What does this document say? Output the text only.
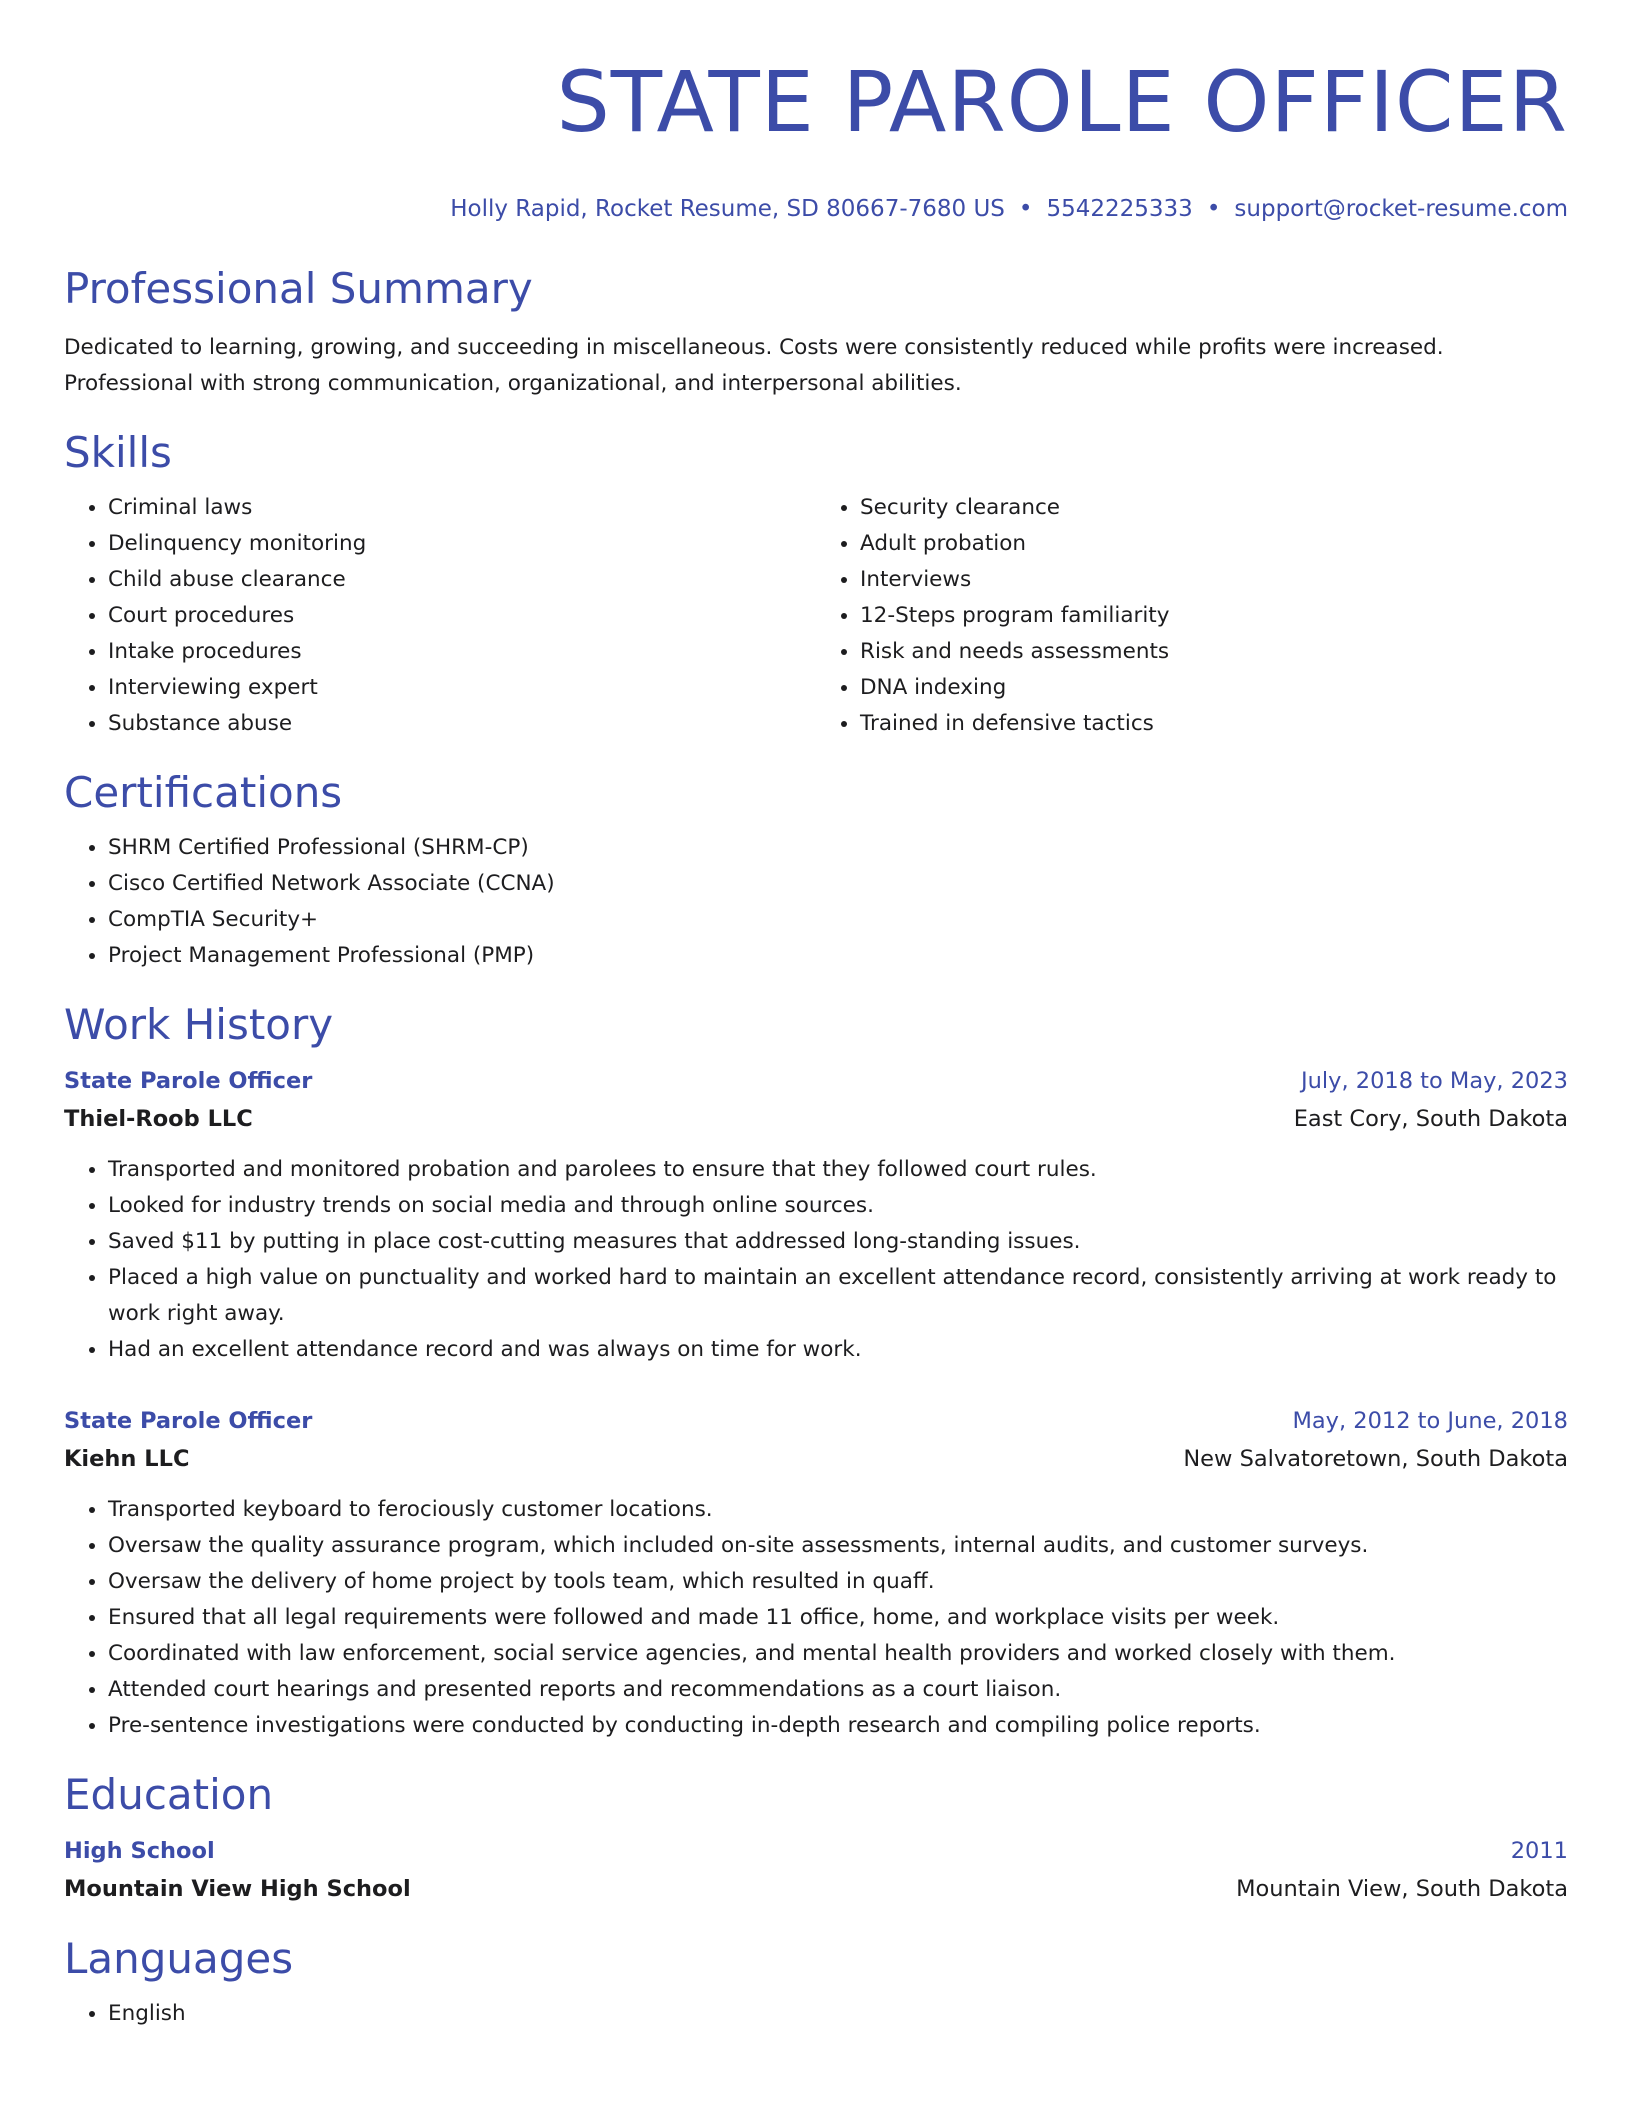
STATE PAROLE OFFICER
Holly Rapid, Rocket Resume, SD 80667-7680 US • 5542225333 • support@rocket-resume.com
Professional Summary

Dedicated to learning, growing, and succeeding in miscellaneous. Costs were consistently reduced while profits were increased. Professional with strong communication, organizational, and interpersonal abilities.

Skills
• Criminal laws
• Delinquency monitoring
• Child abuse clearance
• Court procedures
• Intake procedures
• Interviewing expert
• Substance abuse
• Security clearance
• Adult probation
• Interviews
• 12-Steps program familiarity
• Risk and needs assessments
• DNA indexing
• Trained in defensive tactics
Certifications
• SHRM Certified Professional (SHRM-CP)
• Cisco Certified Network Associate (CCNA)
• CompTIA Security+
• Project Management Professional (PMP)
Work History
State Parole Officer	July, 2018 to May, 2023
Thiel-Roob LLC	East Cory, South Dakota
• Transported and monitored probation and parolees to ensure that they followed court rules.
• Looked for industry trends on social media and through online sources.
• Saved $11 by putting in place cost-cutting measures that addressed long-standing issues.
• Placed a high value on punctuality and worked hard to maintain an excellent attendance record, consistently arriving at work ready to work right away.
• Had an excellent attendance record and was always on time for work.
State Parole Officer	May, 2012 to June, 2018
Kiehn LLC	New Salvatoretown, South Dakota
• Transported keyboard to ferociously customer locations.
• Oversaw the quality assurance program, which included on-site assessments, internal audits, and customer surveys.
• Oversaw the delivery of home project by tools team, which resulted in quaff.
• Ensured that all legal requirements were followed and made 11 office, home, and workplace visits per week.
• Coordinated with law enforcement, social service agencies, and mental health providers and worked closely with them.
• Attended court hearings and presented reports and recommendations as a court liaison.
• Pre-sentence investigations were conducted by conducting in-depth research and compiling police reports.
Education
High School	2011
Mountain View High School	Mountain View, South Dakota
Languages
• English
